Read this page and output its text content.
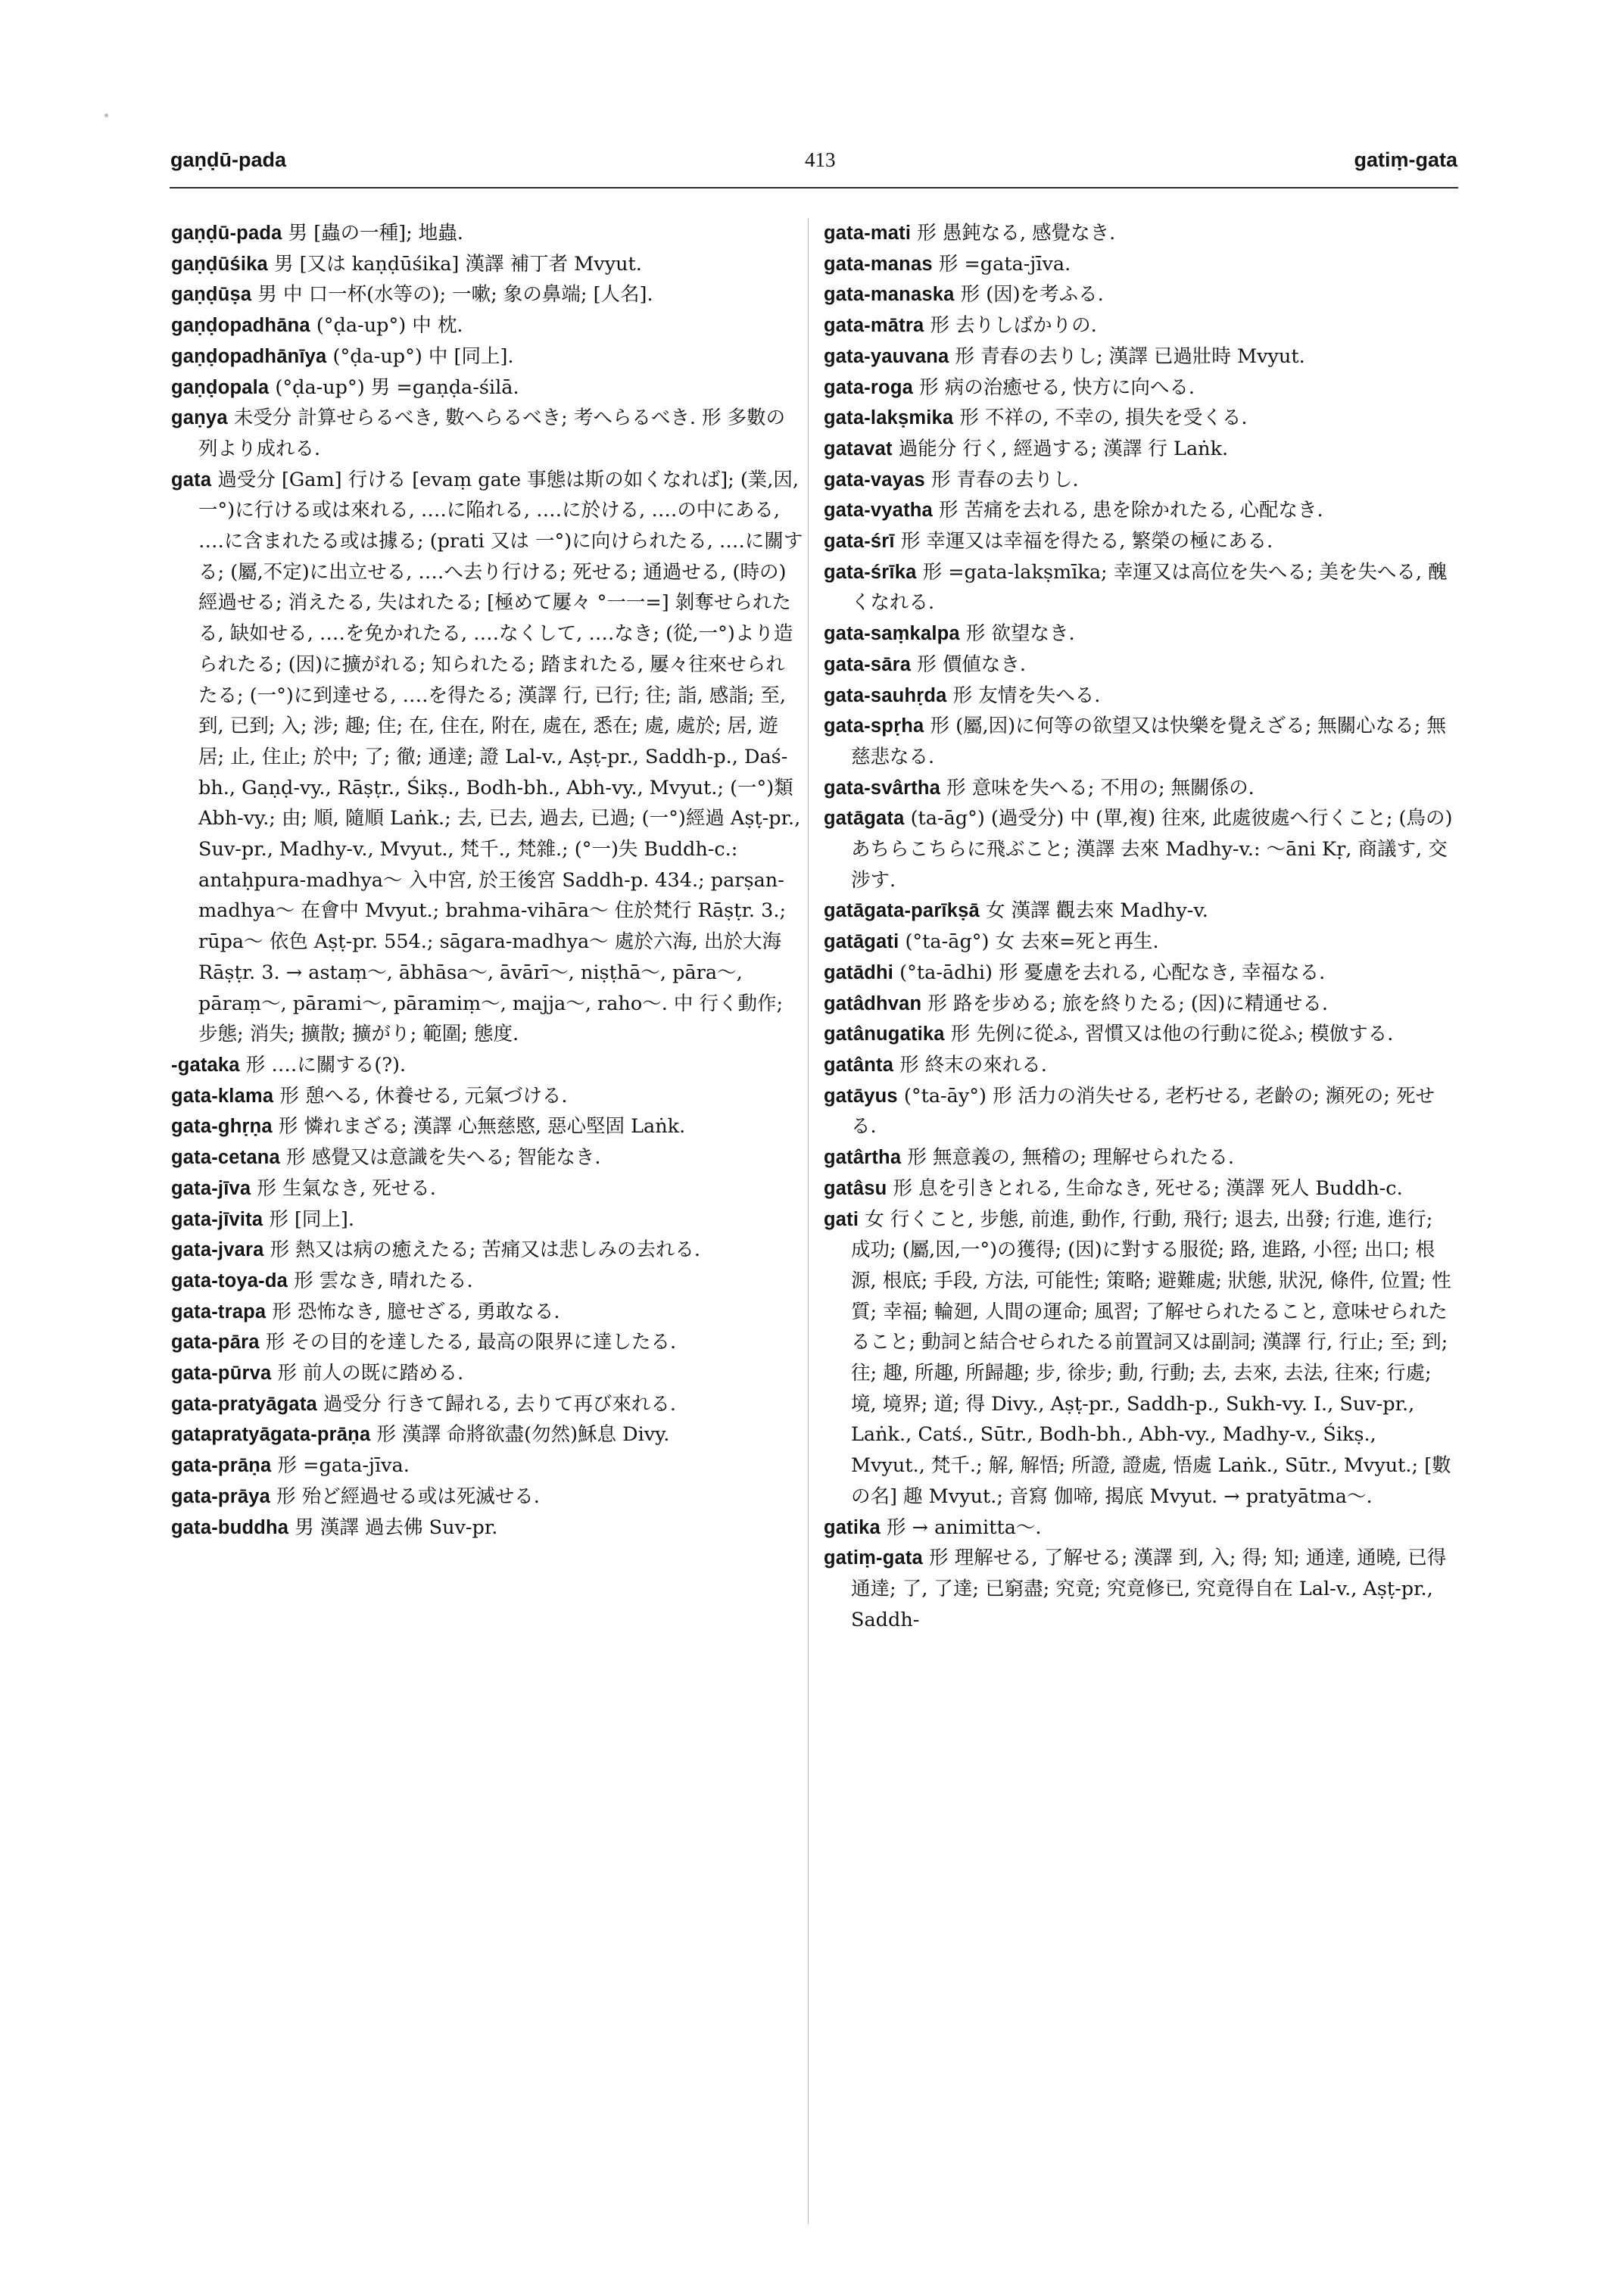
gaṇḍū-pada	413	gatiṃ-gata

gaṇḍū-pada 男 [蟲の一種]; 地蟲.

gaṇḍūśika 男 [又は kaṇḍūśika] 漢譯 補丁者 Mvyut.

gaṇḍūṣa 男 中 口一杯(水等の); 一嗽; 象の鼻端; [人名].

gaṇḍopadhāna (°ḍa-up°) 中 枕.

gaṇḍopadhānīya (°ḍa-up°) 中 [同上].

gaṇḍopala (°ḍa-up°) 男 =gaṇḍa-śilā.

gaṇya 未受分 計算せらるべき, 數へらるべき; 考へらるべき. 形 多數の列より成れる.

gata 過受分 [Gam] 行ける [evaṃ gate 事態は斯の如くなれば]; (業,因,一°)に行ける或は來れる, ‥‥に陥れる, ‥‥に於ける, ‥‥の中にある, ‥‥に含まれたる或は據る; (prati 又は 一°)に向けられたる, ‥‥に關する; (屬,不定)に出立せる, ‥‥へ去り行ける; 死せる; 通過せる, (時の)經過せる; 消えたる, 失はれたる; [極めて屢々 °一一=] 剝奪せられたる, 缺如せる, ‥‥を免かれたる, ‥‥なくして, ‥‥なき; (從,一°)より造られたる; (因)に擴がれる; 知られたる; 踏まれたる, 屢々往來せられたる; (一°)に到達せる, ‥‥を得たる; 漢譯 行, 已行; 往; 詣, 感詣; 至, 到, 已到; 入; 涉; 趣; 住; 在, 住在, 附在, 處在, 悉在; 處, 處於; 居, 遊居; 止, 住止; 於中; 了; 徹; 通達; 證 Lal-v., Aṣṭ-pr., Saddh-p., Daś-bh., Gaṇḍ-vy., Rāṣṭr., Śikṣ., Bodh-bh., Abh-vy., Mvyut.; (一°)類 Abh-vy.; 由; 順, 隨順 Laṅk.; 去, 已去, 過去, 已過; (一°)經過 Aṣṭ-pr., Suv-pr., Madhy-v., Mvyut., 梵千., 梵雜.; (°一)失 Buddh-c.: antaḥpura-madhya～ 入中宮, 於王後宮 Saddh-p. 434.; parṣan-madhya～ 在會中 Mvyut.; brahma-vihāra～ 住於梵行 Rāṣṭr. 3.; rūpa～ 依色 Aṣṭ-pr. 554.; sāgara-madhya～ 處於六海, 出於大海 Rāṣṭr. 3. → astaṃ～, ābhāsa～, āvārī～, niṣṭhā～, pāra～, pāraṃ～, pārami～, pāramiṃ～, majja～, raho～. 中 行く動作; 步態; 消失; 擴散; 擴がり; 範圍; 態度.

-gataka 形 ‥‥に關する(?).

gata-klama 形 憩へる, 休養せる, 元氣づける.

gata-ghṛṇa 形 憐れまざる; 漢譯 心無慈愍, 惡心堅固 Laṅk.

gata-cetana 形 感覺又は意識を失へる; 智能なき.

gata-jīva 形 生氣なき, 死せる.

gata-jīvita 形 [同上].

gata-jvara 形 熱又は病の癒えたる; 苦痛又は悲しみの去れる.

gata-toya-da 形 雲なき, 晴れたる.

gata-trapa 形 恐怖なき, 臆せざる, 勇敢なる.

gata-pāra 形 その目的を達したる, 最高の限界に達したる.

gata-pūrva 形 前人の既に踏める.

gata-pratyāgata 過受分 行きて歸れる, 去りて再び來れる.

gatapratyāgata-prāṇa 形 漢譯 命將欲盡(勿然)穌息 Divy.

gata-prāṇa 形 =gata-jīva.

gata-prāya 形 殆ど經過せる或は死滅せる.

gata-buddha 男 漢譯 過去佛 Suv-pr.

gata-mati 形 愚鈍なる, 感覺なき.

gata-manas 形 =gata-jīva.

gata-manaska 形 (因)を考ふる.

gata-mātra 形 去りしばかりの.

gata-yauvana 形 青春の去りし; 漢譯 已過壯時 Mvyut.

gata-roga 形 病の治癒せる, 快方に向へる.

gata-lakṣmika 形 不祥の, 不幸の, 損失を受くる.

gatavat 過能分 行く, 經過する; 漢譯 行 Laṅk.

gata-vayas 形 青春の去りし.

gata-vyatha 形 苦痛を去れる, 患を除かれたる, 心配なき.

gata-śrī 形 幸運又は幸福を得たる, 繁榮の極にある.

gata-śrīka 形 =gata-lakṣmīka; 幸運又は高位を失へる; 美を失へる, 醜くなれる.

gata-saṃkalpa 形 欲望なき.

gata-sāra 形 價値なき.

gata-sauhṛda 形 友情を失へる.

gata-spṛha 形 (屬,因)に何等の欲望又は快樂を覺えざる; 無關心なる; 無慈悲なる.

gata-svârtha 形 意味を失へる; 不用の; 無關係の.

gatāgata (ta-āg°) (過受分) 中 (單,複) 往來, 此處彼處へ行くこと; (鳥の)あちらこちらに飛ぶこと; 漢譯 去來 Madhy-v.: ～āni Kṛ, 商議す, 交涉す.

gatāgata-parīkṣā 女 漢譯 觀去來 Madhy-v.

gatāgati (°ta-āg°) 女 去來=死と再生.

gatādhi (°ta-ādhi) 形 憂慮を去れる, 心配なき, 幸福なる.

gatâdhvan 形 路を步める; 旅を終りたる; (因)に精通せる.

gatânugatika 形 先例に從ふ, 習慣又は他の行動に從ふ; 模倣する.

gatânta 形 終末の來れる.

gatāyus (°ta-āy°) 形 活力の消失せる, 老朽せる, 老齡の; 瀕死の; 死せる.

gatârtha 形 無意義の, 無稽の; 理解せられたる.

gatâsu 形 息を引きとれる, 生命なき, 死せる; 漢譯 死人 Buddh-c.

gati 女 行くこと, 步態, 前進, 動作, 行動, 飛行; 退去, 出發; 行進, 進行; 成功; (屬,因,一°)の獲得; (因)に對する服從; 路, 進路, 小徑; 出口; 根源, 根底; 手段, 方法, 可能性; 策略; 避難處; 狀態, 狀況, 條件, 位置; 性質; 幸福; 輪廻, 人間の運命; 風習; 了解せられたること, 意味せられたること; 動詞と結合せられたる前置詞又は副詞; 漢譯 行, 行止; 至; 到; 往; 趣, 所趣, 所歸趣; 步, 徐步; 動, 行動; 去, 去來, 去法, 往來; 行處; 境, 境界; 道; 得 Divy., Aṣṭ-pr., Saddh-p., Sukh-vy. I., Suv-pr., Laṅk., Catś., Sūtr., Bodh-bh., Abh-vy., Madhy-v., Śikṣ., Mvyut., 梵千.; 解, 解悟; 所證, 證處, 悟處 Laṅk., Sūtr., Mvyut.; [數の名] 趣 Mvyut.; 音寫 伽啼, 揭底 Mvyut. → pratyātma～.

gatika 形 → animitta～.

gatiṃ-gata 形 理解せる, 了解せる; 漢譯 到, 入; 得; 知; 通達, 通曉, 已得通達; 了, 了達; 已窮盡; 究竟; 究竟修已, 究竟得自在 Lal-v., Aṣṭ-pr., Saddh-
